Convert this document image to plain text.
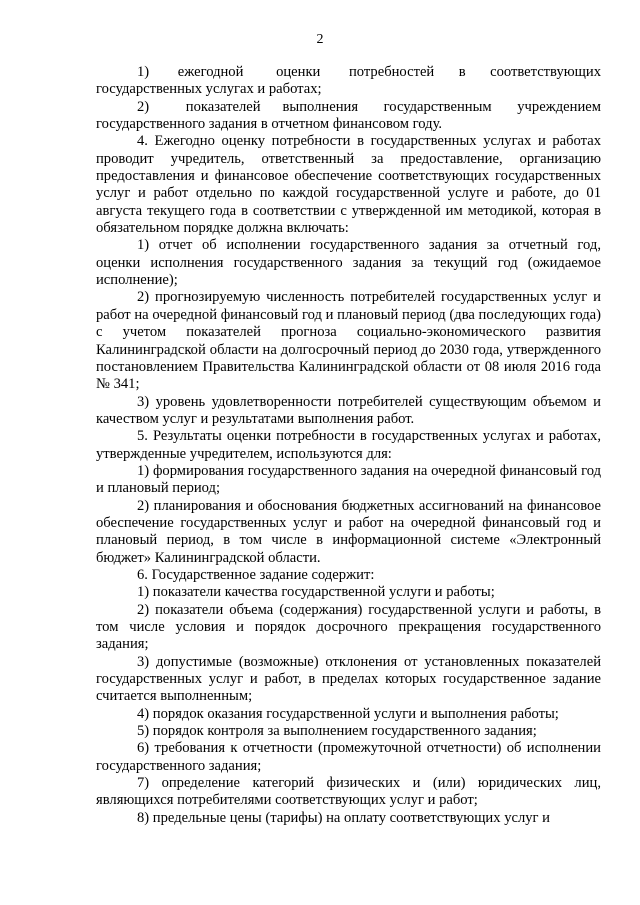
2

1)       ежегодной        оценки       потребностей      в      соответствующих государственных услугах и работах;

2)          показателей      выполнения       государственным       учреждением государственного задания в отчетном финансовом году.

4. Ежегодно оценку потребности в государственных услугах и работах проводит учредитель, ответственный за предоставление, организацию предоставления и финансовое обеспечение соответствующих государственных услуг и работ отдельно по каждой государственной услуге и работе, до 01 августа текущего года в соответствии с утвержденной им методикой, которая в обязательном порядке должна включать:

1) отчет об исполнении государственного задания за отчетный год, оценки исполнения государственного задания за текущий год (ожидаемое исполнение);

2) прогнозируемую численность потребителей государственных услуг и работ на очередной финансовый год и плановый период (два последующих года) с учетом показателей прогноза социально-экономического развития Калининградской области на долгосрочный период до 2030 года, утвержденного постановлением Правительства Калининградской области от 08 июля 2016 года № 341;

3) уровень удовлетворенности потребителей существующим объемом и качеством услуг и результатами выполнения работ.

5. Результаты оценки потребности в государственных услугах и работах, утвержденные учредителем, используются для:

1) формирования государственного задания на очередной финансовый год и плановый период;

2) планирования и обоснования бюджетных ассигнований на финансовое обеспечение государственных услуг и работ на очередной финансовый год и плановый период, в том числе в информационной системе «Электронный бюджет» Калининградской области.

6. Государственное задание содержит:

1) показатели качества государственной услуги и работы;

2) показатели объема (содержания) государственной услуги и работы, в том числе условия и порядок досрочного прекращения государственного задания;

3) допустимые (возможные) отклонения от установленных показателей государственных услуг и работ, в пределах которых государственное задание считается выполненным;

4) порядок оказания государственной услуги и выполнения работы;

5) порядок контроля за выполнением государственного задания;

6) требования к отчетности (промежуточной отчетности) об исполнении государственного задания;

7) определение категорий физических и (или) юридических лиц, являющихся потребителями соответствующих услуг и работ;

8) предельные цены (тарифы) на оплату соответствующих услуг и
